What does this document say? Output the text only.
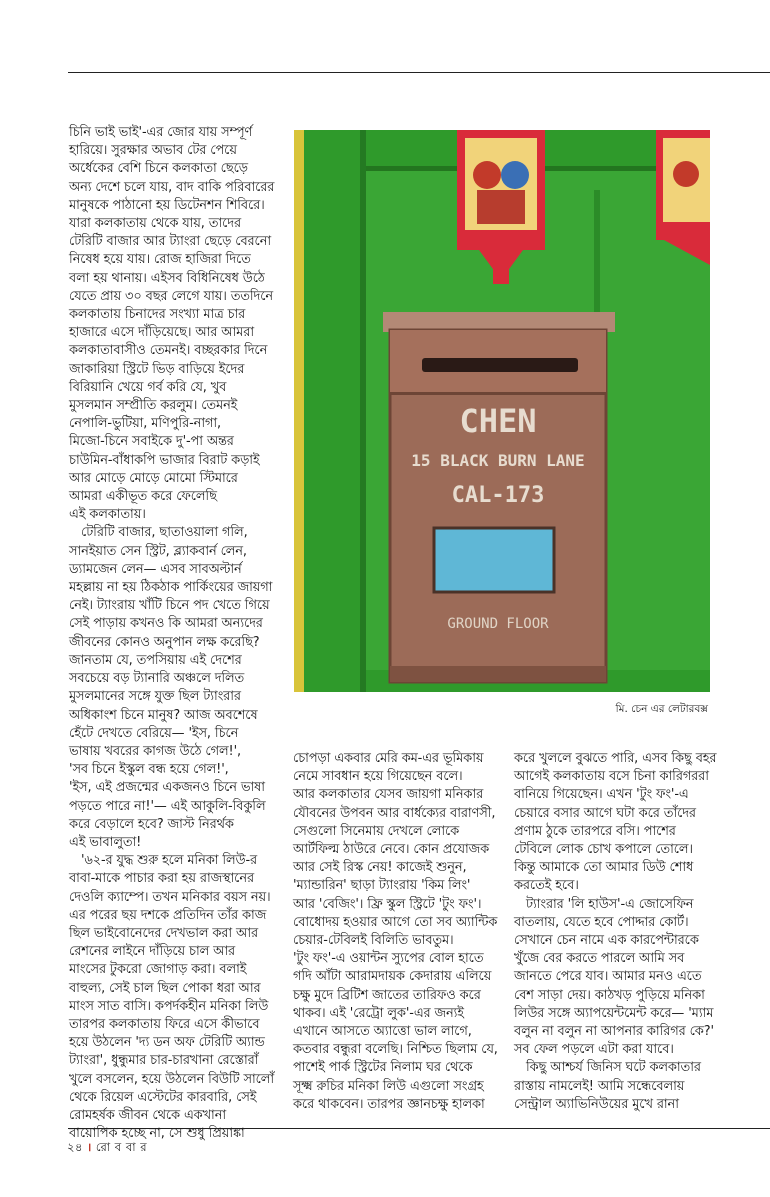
চিনি ভাই ভাই'-এর জোর যায় সম্পূর্ণ
হারিয়ে। সুরক্ষার অভাব টের পেয়ে
অর্ধেকের বেশি চিনে কলকাতা ছেড়ে
অন্য দেশে চলে যায়, বাদ বাকি পরিবারের
মানুষকে পাঠানো হয় ডিটেনশন শিবিরে।
যারা কলকাতায় থেকে যায়, তাদের
টেরিটি বাজার আর ট্যাংরা ছেড়ে বেরনো
নিষেধ হয়ে যায়। রোজ হাজিরা দিতে
বলা হয় থানায়। এইসব বিধিনিষেধ উঠে
যেতে প্রায় ৩০ বছর লেগে যায়। ততদিনে
কলকাতায় চিনাদের সংখ্যা মাত্র চার
হাজারে এসে দাঁড়িয়েছে। আর আমরা
কলকাতাবাসীও তেমনই। বচ্ছরকার দিনে
জাকারিয়া স্ট্রিটে ভিড় বাড়িয়ে ইদের
বিরিয়ানি খেয়ে গর্ব করি যে, খুব
মুসলমান সম্প্রীতি করলুম। তেমনই
নেপালি-ভুটিয়া, মণিপুরি-নাগা,
মিজো-চিনে সবাইকে দু'-পা অন্তর
চাউমিন-বাঁধাকপি ভাজার বিরাট কড়াই
আর মোড়ে মোড়ে মোমো স্টিমারে
আমরা একীভূত করে ফেলেছি
এই কলকাতায়।
টেরিটি বাজার, ছাতাওয়ালা গলি,
সানইয়াত সেন স্ট্রিট, ব্ল্যাকবার্ন লেন,
ড্যামজেন লেন— এসব সাবঅল্টার্ন
মহল্লায় না হয় ঠিকঠাক পার্কিংয়ের জায়গা
নেই। ট্যাংরায় খাঁটি চিনে পদ খেতে গিয়ে
সেই পাড়ায় কখনও কি আমরা অন্যদের
জীবনের কোনও অনুপান লক্ষ করেছি?
জানতাম যে, তপসিয়ায় এই দেশের
সবচেয়ে বড় ট্যানারি অঞ্চলে দলিত
মুসলমানের সঙ্গে যুক্ত ছিল ট্যাংরার
অধিকাংশ চিনে মানুষ? আজ অবশেষে
হেঁটে দেখতে বেরিয়ে— 'ইস, চিনে
ভাষায় খবরের কাগজ উঠে গেল!',
'সব চিনে ইস্কুল বন্ধ হয়ে গেল!',
'ইস, এই প্রজন্মের একজনও চিনে ভাষা
পড়তে পারে না!'— এই আকুলি-বিকুলি
করে বেড়ালে হবে? জাস্ট নিরর্থক
এই ভাবালুতা!
'৬২-র যুদ্ধ শুরু হলে মনিকা লিউ-র
বাবা-মাকে পাচার করা হয় রাজস্থানের
দেওলি ক্যাম্পে। তখন মনিকার বয়স নয়।
এর পরের ছয় দশকে প্রতিদিন তাঁর কাজ
ছিল ভাইবোনেদের দেখভাল করা আর
রেশনের লাইনে দাঁড়িয়ে চাল আর
মাংসের টুকরো জোগাড় করা। বলাই
বাহুল্য, সেই চাল ছিল পোকা ধরা আর
মাংস সাত বাসি। কপর্দকহীন মনিকা লিউ
তারপর কলকাতায় ফিরে এসে কীভাবে
হয়ে উঠলেন 'দ্য ডন অফ টেরিটি অ্যান্ড
ট্যাংরা', ধুন্ধুমার চার-চারখানা রেস্তোরাঁ
খুলে বসলেন, হয়ে উঠলেন বিউটি সালোঁ
থেকে রিয়েল এস্টেটের কারবারি, সেই
রোমহর্ষক জীবন থেকে একখানা
বায়োপিক হচ্ছে না, সে শুধু প্রিয়াঙ্কা
CHEN
15 BLACK BURN LANE
CAL-173
GROUND FLOOR
মি. চেন এর লেটারবক্স
চোপড়া একবার মেরি কম-এর ভূমিকায়
নেমে সাবধান হয়ে গিয়েছেন বলে।
আর কলকাতার যেসব জায়গা মনিকার
যৌবনের উপবন আর বার্ধক্যের বারাণসী,
সেগুলো সিনেমায় দেখলে লোকে
আর্টফিল্ম ঠাউরে নেবে। কোন প্রযোজক
আর সেই রিস্ক নেয়! কাজেই শুনুন,
'ম্যান্ডারিন' ছাড়া ট্যাংরায় 'কিম লিং'
আর 'বেজিং'। ফ্রি স্কুল স্ট্রিটে 'টুং ফং'।
বোধোদয় হওয়ার আগে তো সব অ্যান্টিক
চেয়ার-টেবিলই বিলিতি ভাবতুম।
'টুং ফং'-এ ওয়ান্টন স্যুপের বোল হাতে
গদি আঁটা আরামদায়ক কেদারায় এলিয়ে
চক্ষু মুদে ব্রিটিশ জাতের তারিফও করে
থাকব। এই 'রেট্রো লুক'-এর জন্যই
এখানে আসতে অ্যাত্তো ভাল লাগে,
কতবার বন্ধুরা বলেছি। নিশ্চিত ছিলাম যে,
পাশেই পার্ক স্ট্রিটের নিলাম ঘর থেকে
সূক্ষ্ম রুচির মনিকা লিউ এগুলো সংগ্রহ
করে থাকবেন। তারপর জ্ঞানচক্ষু হালকা
করে খুললে বুঝতে পারি, এসব কিছু বহর
আগেই কলকাতায় বসে চিনা কারিগররা
বানিয়ে গিয়েছেন। এখন 'টুং ফং'-এ
চেয়ারে বসার আগে ঘটা করে তাঁদের
প্রণাম ঠুকে তারপরে বসি। পাশের
টেবিলে লোক চোখ কপালে তোলে।
কিন্তু আমাকে তো আমার ডিউ শোধ
করতেই হবে।
ট্যাংরার 'লি হাউস'-এ জোসেফিন
বাতলায়, যেতে হবে পোদ্দার কোর্ট।
সেখানে চেন নামে এক কারপেন্টারকে
খুঁজে বের করতে পারলে আমি সব
জানতে পেরে যাব। আমার মনও এতে
বেশ সাড়া দেয়। কাঠখড় পুড়িয়ে মনিকা
লিউর সঙ্গে অ্যাপয়েন্টমেন্ট করে— 'ম্যাম
বলুন না বলুন না আপনার কারিগর কে?'
সব ফেল পড়লে এটা করা যাবে।
কিছু আশ্চর্য জিনিস ঘটে কলকাতার
রাস্তায় নামলেই! আমি সন্ধেবেলায়
সেন্ট্রাল অ্যাভিনিউয়ের মুখে রানা
২৪ । রো ব বা র
